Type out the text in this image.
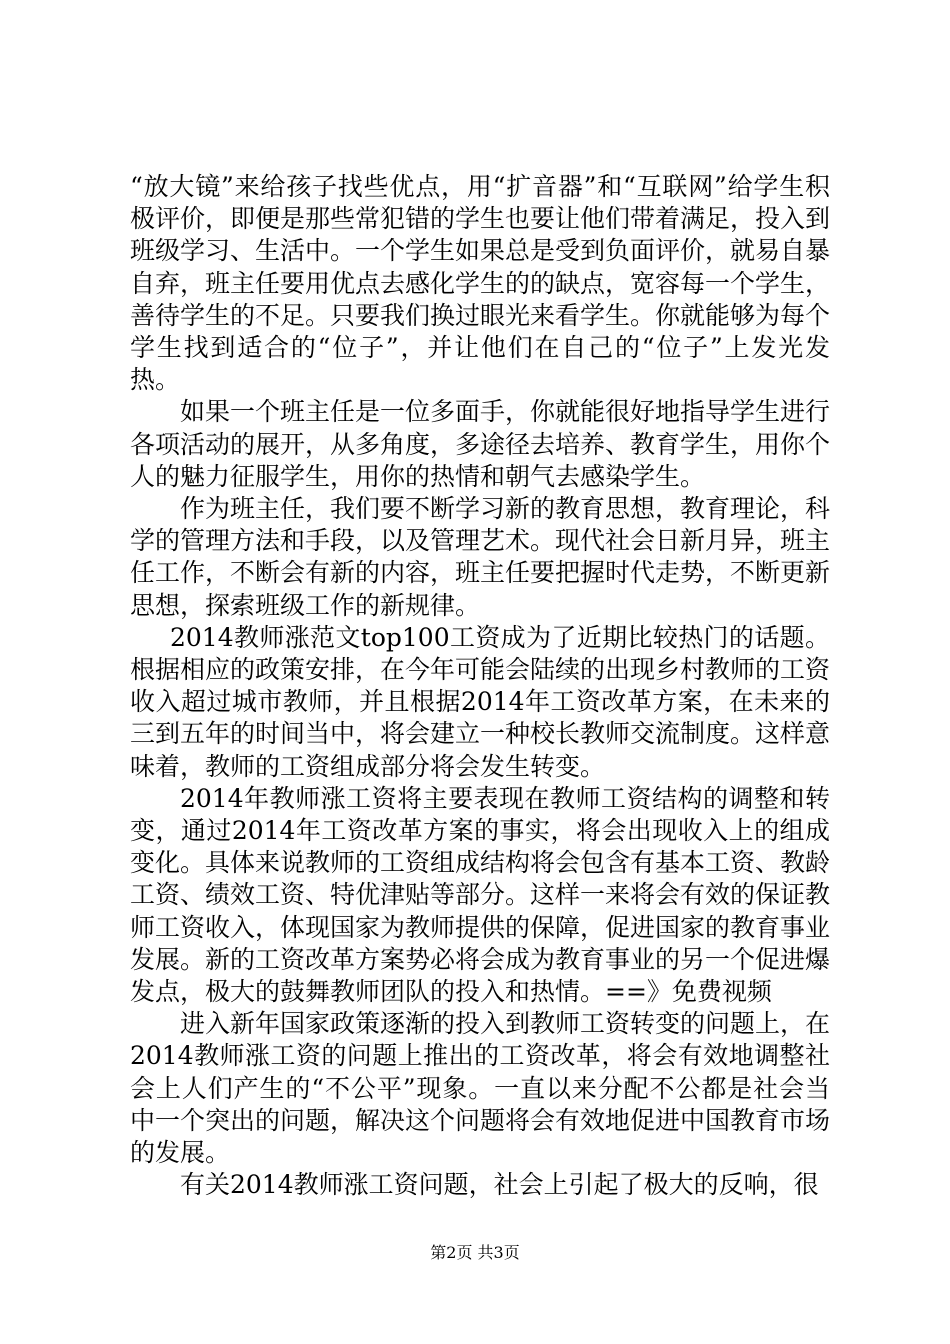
“放大镜”来给孩子找些优点，用“扩音器”和“互联网”给学生积极评价，即便是那些常犯错的学生也要让他们带着满足，投入到班级学习、生活中。一个学生如果总是受到负面评价，就易自暴自弃，班主任要用优点去感化学生的的缺点，宽容每一个学生，善待学生的不足。只要我们换过眼光来看学生。你就能够为每个学生找到适合的“位子”，并让他们在自己的“位子”上发光发热。

如果一个班主任是一位多面手，你就能很好地指导学生进行各项活动的展开，从多角度，多途径去培养、教育学生，用你个人的魅力征服学生，用你的热情和朝气去感染学生。

作为班主任，我们要不断学习新的教育思想，教育理论，科学的管理方法和手段，以及管理艺术。现代社会日新月异，班主任工作，不断会有新的内容，班主任要把握时代走势，不断更新思想，探索班级工作的新规律。

2014教师涨范文top100工资成为了近期比较热门的话题。根据相应的政策安排，在今年可能会陆续的出现乡村教师的工资收入超过城市教师，并且根据2014年工资改革方案，在未来的三到五年的时间当中，将会建立一种校长教师交流制度。这样意味着，教师的工资组成部分将会发生转变。

2014年教师涨工资将主要表现在教师工资结构的调整和转变，通过2014年工资改革方案的事实，将会出现收入上的组成变化。具体来说教师的工资组成结构将会包含有基本工资、教龄工资、绩效工资、特优津贴等部分。这样一来将会有效的保证教师工资收入，体现国家为教师提供的保障，促进国家的教育事业发展。新的工资改革方案势必将会成为教育事业的另一个促进爆发点，极大的鼓舞教师团队的投入和热情。==》免费视频

进入新年国家政策逐渐的投入到教师工资转变的问题上，在2014教师涨工资的问题上推出的工资改革，将会有效地调整社会上人们产生的“不公平”现象。一直以来分配不公都是社会当中一个突出的问题，解决这个问题将会有效地促进中国教育市场的发展。

有关2014教师涨工资问题，社会上引起了极大的反响，很

第2页 共3页
